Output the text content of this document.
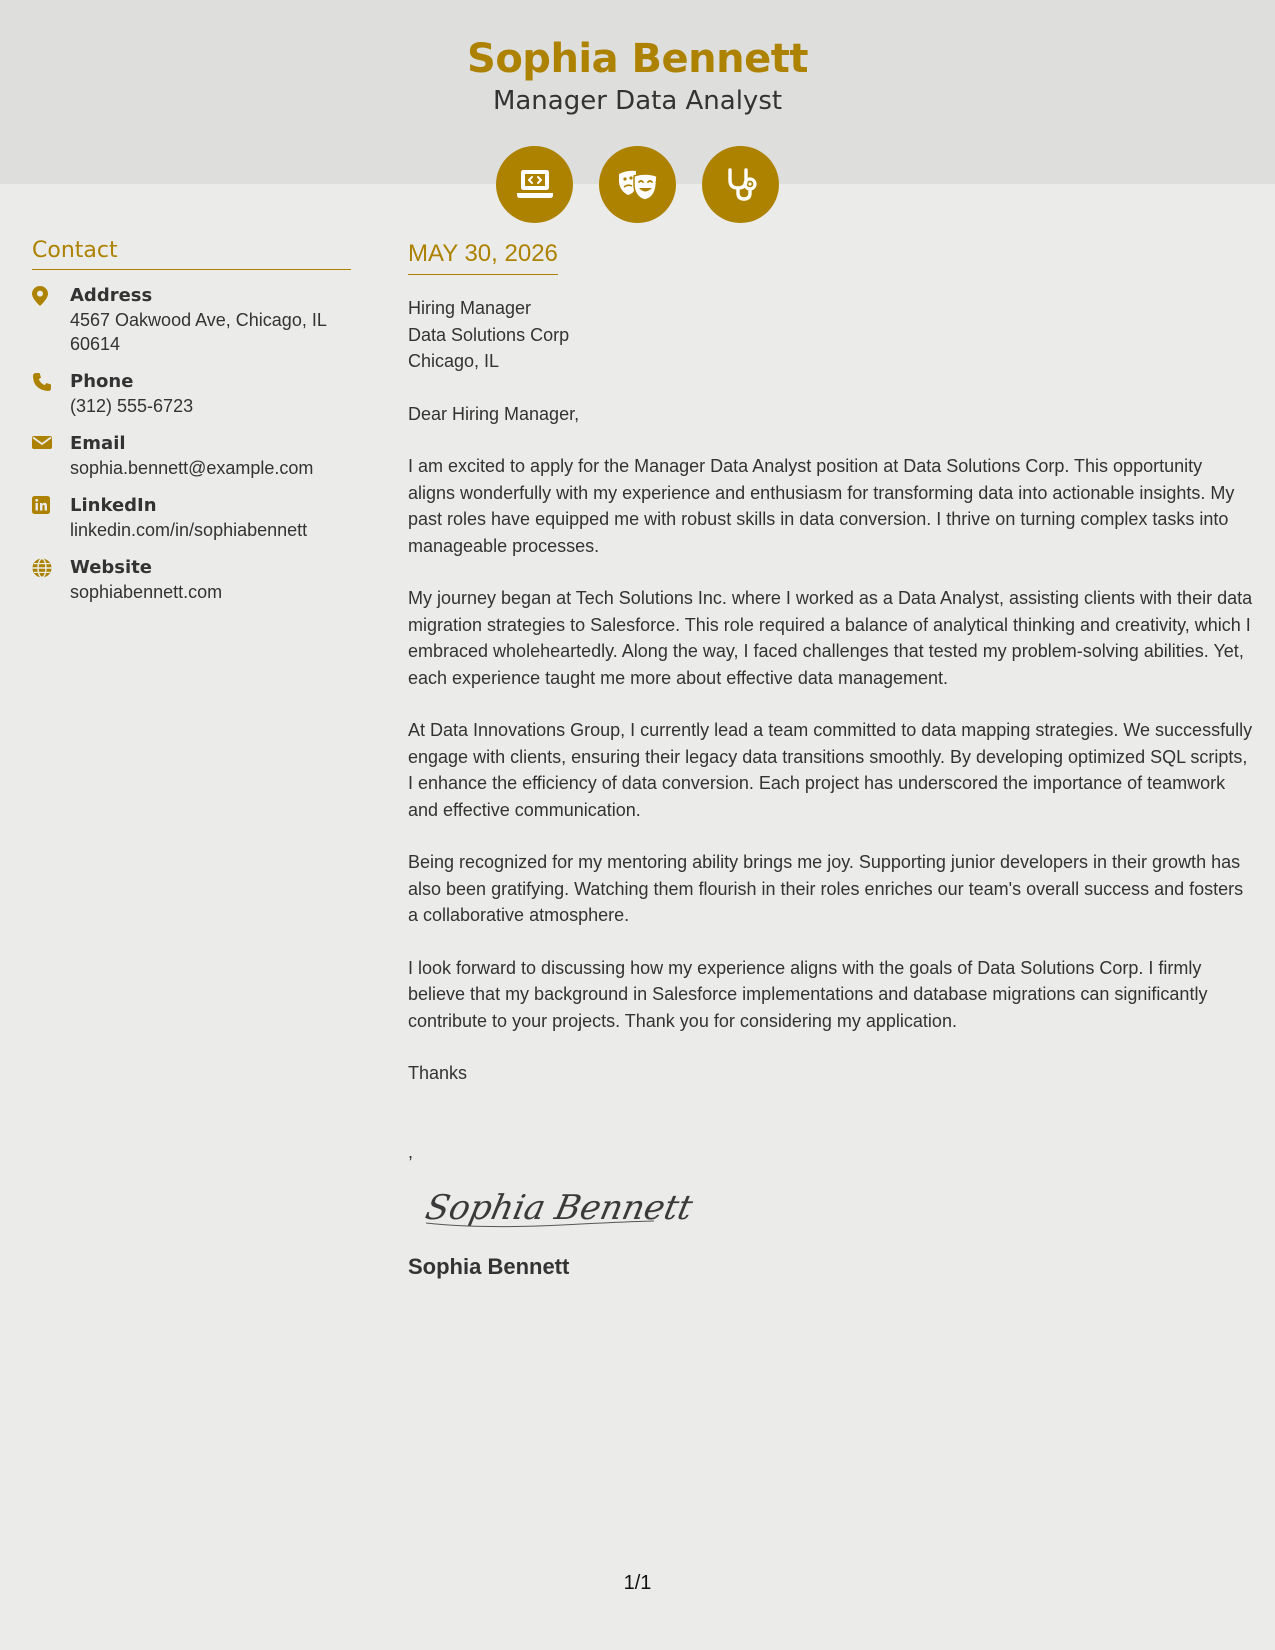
Sophia Bennett
Manager Data Analyst
Contact
Address
4567 Oakwood Ave, Chicago, IL 60614
Phone
(312) 555-6723
Email
sophia.bennett@example.com
LinkedIn
linkedin.com/in/sophiabennett
Website
sophiabennett.com
MAY 30, 2026
Hiring Manager
Data Solutions Corp
Chicago, IL

Dear Hiring Manager,

I am excited to apply for the Manager Data Analyst position at Data Solutions Corp. This opportunity aligns wonderfully with my experience and enthusiasm for transforming data into actionable insights. My past roles have equipped me with robust skills in data conversion. I thrive on turning complex tasks into manageable processes.

My journey began at Tech Solutions Inc. where I worked as a Data Analyst, assisting clients with their data migration strategies to Salesforce. This role required a balance of analytical thinking and creativity, which I embraced wholeheartedly. Along the way, I faced challenges that tested my problem-solving abilities. Yet, each experience taught me more about effective data management.

At Data Innovations Group, I currently lead a team committed to data mapping strategies. We successfully engage with clients, ensuring their legacy data transitions smoothly. By developing optimized SQL scripts, I enhance the efficiency of data conversion. Each project has underscored the importance of teamwork and effective communication.

Being recognized for my mentoring ability brings me joy. Supporting junior developers in their growth has also been gratifying. Watching them flourish in their roles enriches our team's overall success and fosters a collaborative atmosphere.

I look forward to discussing how my experience aligns with the goals of Data Solutions Corp. I firmly believe that my background in Salesforce implementations and database migrations can significantly contribute to your projects. Thank you for considering my application.

Thanks

,

Sophia Bennett
Sophia Bennett
1/1
